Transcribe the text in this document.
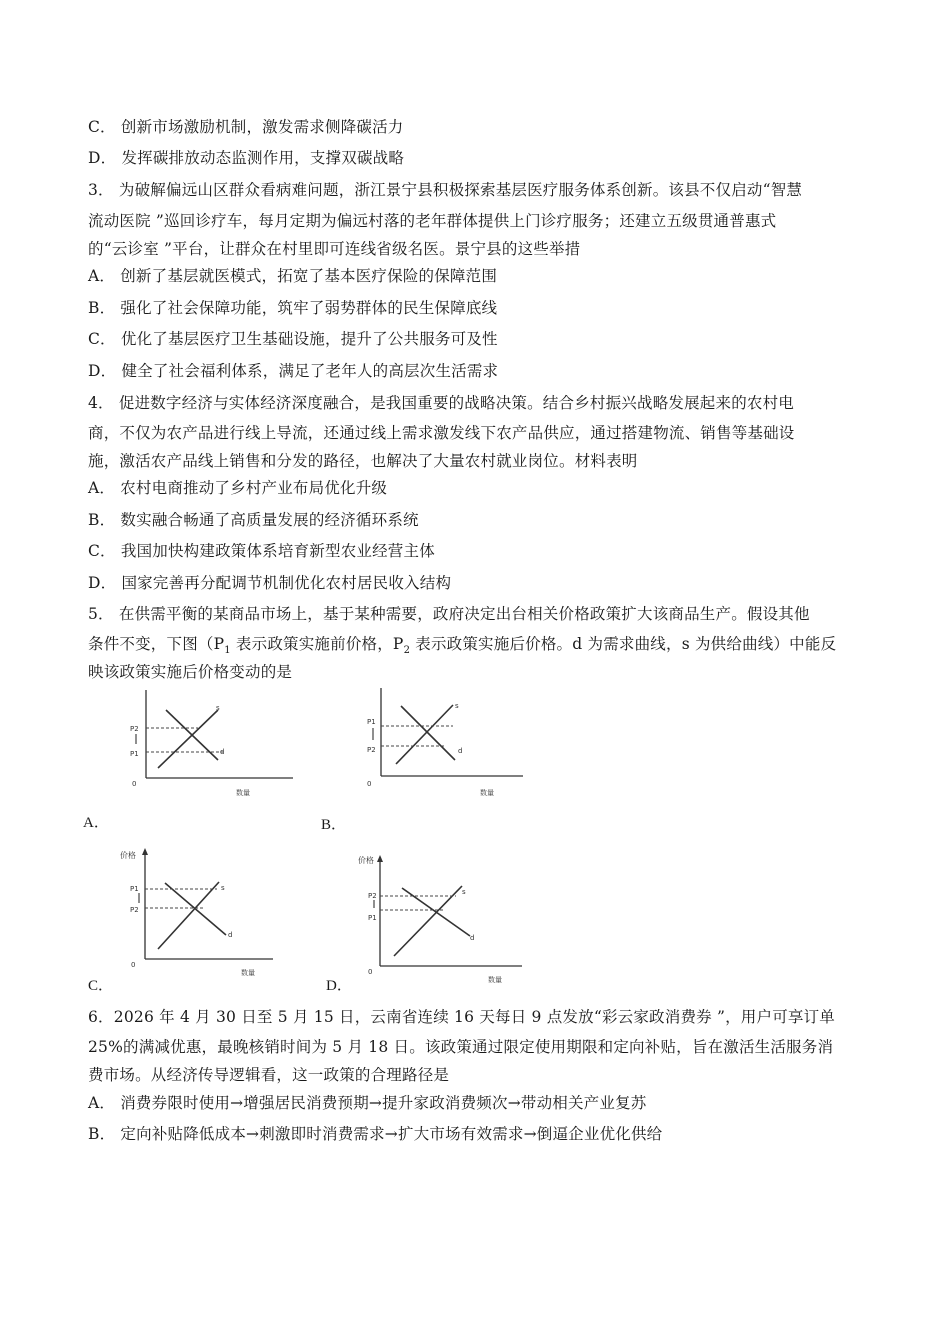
C． 创新市场激励机制，激发需求侧降碳活力
D． 发挥碳排放动态监测作用，支撑双碳战略
3． 为破解偏远山区群众看病难问题，浙江景宁县积极探索基层医疗服务体系创新。该县不仅启动“智慧
流动医院 ”巡回诊疗车，每月定期为偏远村落的老年群体提供上门诊疗服务；还建立五级贯通普惠式
的“云诊室 ”平台，让群众在村里即可连线省级名医。景宁县的这些举措
A． 创新了基层就医模式，拓宽了基本医疗保险的保障范围
B． 强化了社会保障功能，筑牢了弱势群体的民生保障底线
C． 优化了基层医疗卫生基础设施，提升了公共服务可及性
D． 健全了社会福利体系，满足了老年人的高层次生活需求
4． 促进数字经济与实体经济深度融合，是我国重要的战略决策。结合乡村振兴战略发展起来的农村电
商，不仅为农产品进行线上导流，还通过线上需求激发线下农产品供应，通过搭建物流、销售等基础设
施，激活农产品线上销售和分发的路径，也解决了大量农村就业岗位。材料表明
A． 农村电商推动了乡村产业布局优化升级
B． 数实融合畅通了高质量发展的经济循环系统
C． 我国加快构建政策体系培育新型农业经营主体
D． 国家完善再分配调节机制优化农村居民收入结构
5． 在供需平衡的某商品市场上，基于某种需要，政府决定出台相关价格政策扩大该商品生产。假设其他
条件不变，下图（$P_1$ 表示政策实施前价格，$P_2$ 表示政策实施后价格。d 为需求曲线，s 为供给曲线）中能反
映该政策实施后价格变动的是
P2
P1
s
d
0
数量
A．
P1
P2
s
d
0
数量
B．
价格
P1
P2
s
d
0
数量
C．
价格
P2
P1
s
d
0
数量
D．
6．2026 年 4 月 30 日至 5 月 15 日，云南省连续 16 天每日 9 点发放“彩云家政消费券 ”，用户可享订单
25%的满减优惠，最晚核销时间为 5 月 18 日。该政策通过限定使用期限和定向补贴，旨在激活生活服务消
费市场。从经济传导逻辑看，这一政策的合理路径是
A． 消费券限时使用→增强居民消费预期→提升家政消费频次→带动相关产业复苏
B． 定向补贴降低成本→刺激即时消费需求→扩大市场有效需求→倒逼企业优化供给
